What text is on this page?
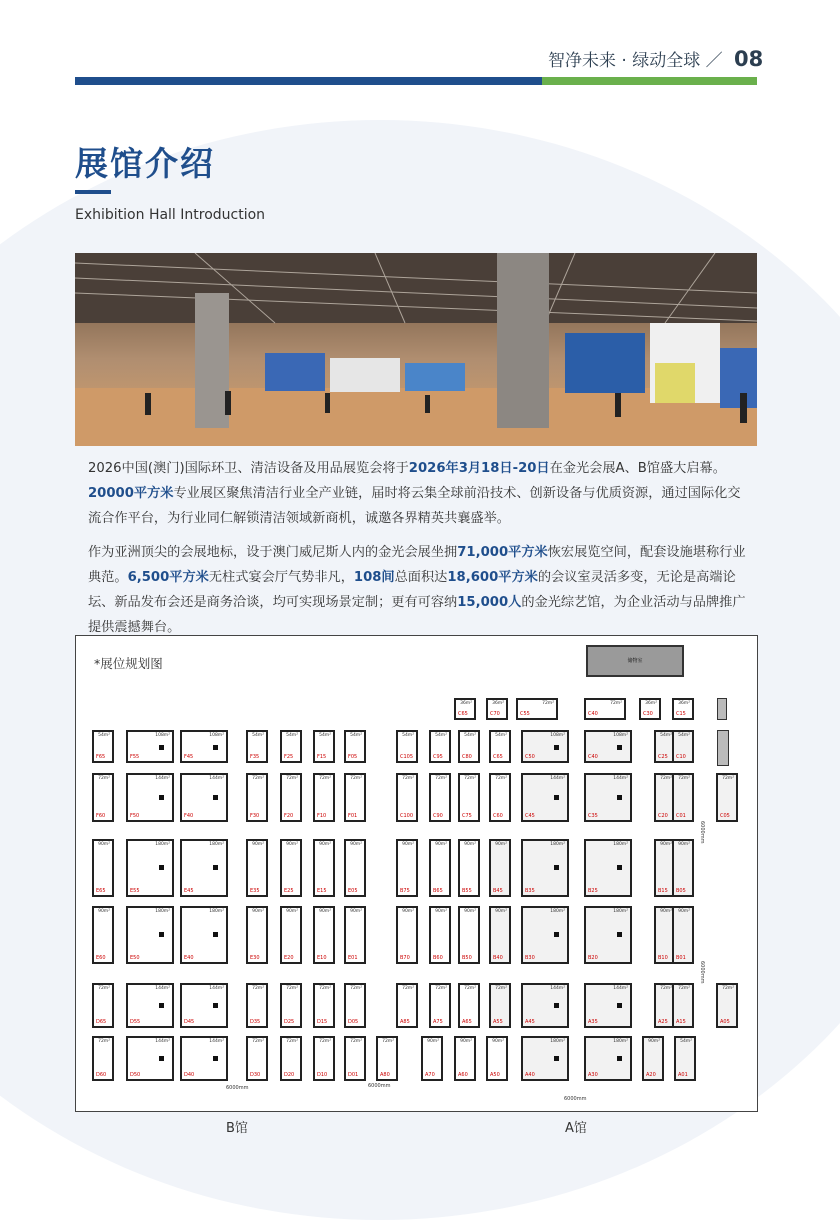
智净未来 · 绿动全球 ／ 08
展馆介绍
Exhibition Hall Introduction
2026中国(澳门)国际环卫、清洁设备及用品展览会将于2026年3月18日-20日在金光会展A、B馆盛大启幕。20000平方米专业展区聚焦清洁行业全产业链，届时将云集全球前沿技术、创新设备与优质资源，通过国际化交流合作平台，为行业同仁解锁清洁领域新商机，诚邀各界精英共襄盛举。
作为亚洲顶尖的会展地标，设于澳门威尼斯人内的金光会展坐拥71,000平方米恢宏展览空间，配套设施堪称行业典范。6,500平方米无柱式宴会厅气势非凡，108间总面积达18,600平方米的会议室灵活多变，无论是高端论坛、新品发布会还是商务洽谈，均可实现场景定制；更有可容纳15,000人的金光综艺馆，为企业活动与品牌推广提供震撼舞台。
*展位规划图	储物室
6000mm
6000mm
6000mm	6000mm
6000mm
36m²
C65
36m²
C70
72m²
C55
72m²
C40
36m²
C30
36m²
C15
54m²
F65
108m²
F55
108m²
F45
54m²
F35
54m²
F25
54m²
F15
54m²
F05
54m²
C105
54m²
C95
54m²
C80
54m²
C65
108m²
C50
108m²
C40
54m²
C25
54m²
C10
72m²
F60
144m²
F50
144m²
F40
72m²
F30
72m²
F20
72m²
F10
72m²
F01
72m²
C100
72m²
C90
72m²
C75
72m²
C60
144m²
C45
144m²
C35
72m²
C20
72m²
C01
72m²
C05
90m²
E65
180m²
E55
180m²
E45
90m²
E35
90m²
E25
90m²
E15
90m²
E05
90m²
B75
90m²
B65
90m²
B55
90m²
B45
180m²
B35
180m²
B25
90m²
B15
90m²
B05
90m²
E60
180m²
E50
180m²
E40
90m²
E30
90m²
E20
90m²
E10
90m²
E01
90m²
B70
90m²
B60
90m²
B50
90m²
B40
180m²
B30
180m²
B20
90m²
B10
90m²
B01
72m²
D65
144m²
D55
144m²
D45
72m²
D35
72m²
D25
72m²
D15
72m²
D05
72m²
A85
72m²
A75
72m²
A65
72m²
A55
144m²
A45
144m²
A35
72m²
A25
72m²
A15
72m²
A05
72m²
D60
144m²
D50
144m²
D40
72m²
D30
72m²
D20
72m²
D10
72m²
D01
72m²
A80
90m²
A70
90m²
A60
90m²
A50
180m²
A40
180m²
A30
90m²
A20
54m²
A01
B馆	A馆
